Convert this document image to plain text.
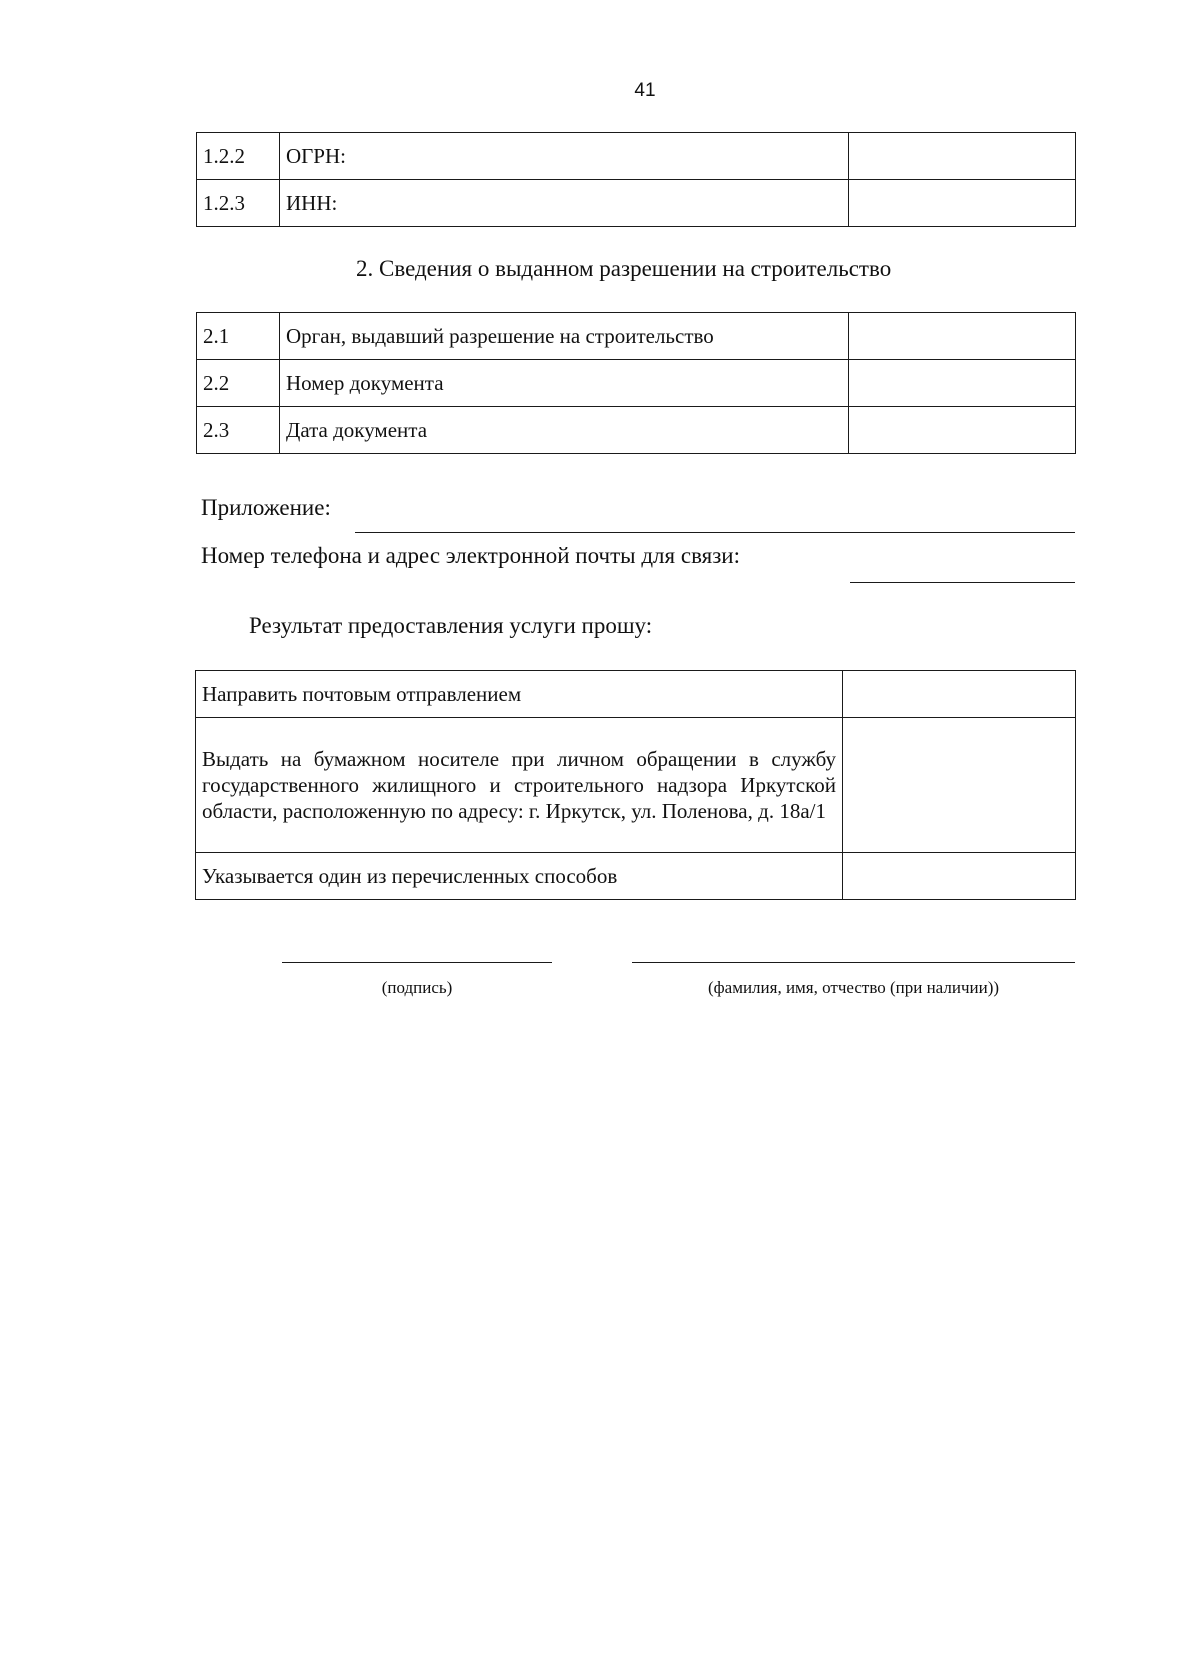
41
1.2.2	ОГРН:	
1.2.3	ИНН:	
2. Сведения о выданном разрешении на строительство
2.1	Орган, выдавший разрешение на строительство	
2.2	Номер документа	
2.3	Дата документа	
Приложение:
Номер телефона и адрес электронной почты для связи:
Результат предоставления услуги прошу:
Направить почтовым отправлением	
Выдать на бумажном носителе при личном обращении в службу государственного жилищного и строительного надзора Иркутской области, расположенную по адресу: г. Иркутск, ул. Поленова, д. 18а/1	
Указывается один из перечисленных способов	
(подпись)	(фамилия, имя, отчество (при наличии))
